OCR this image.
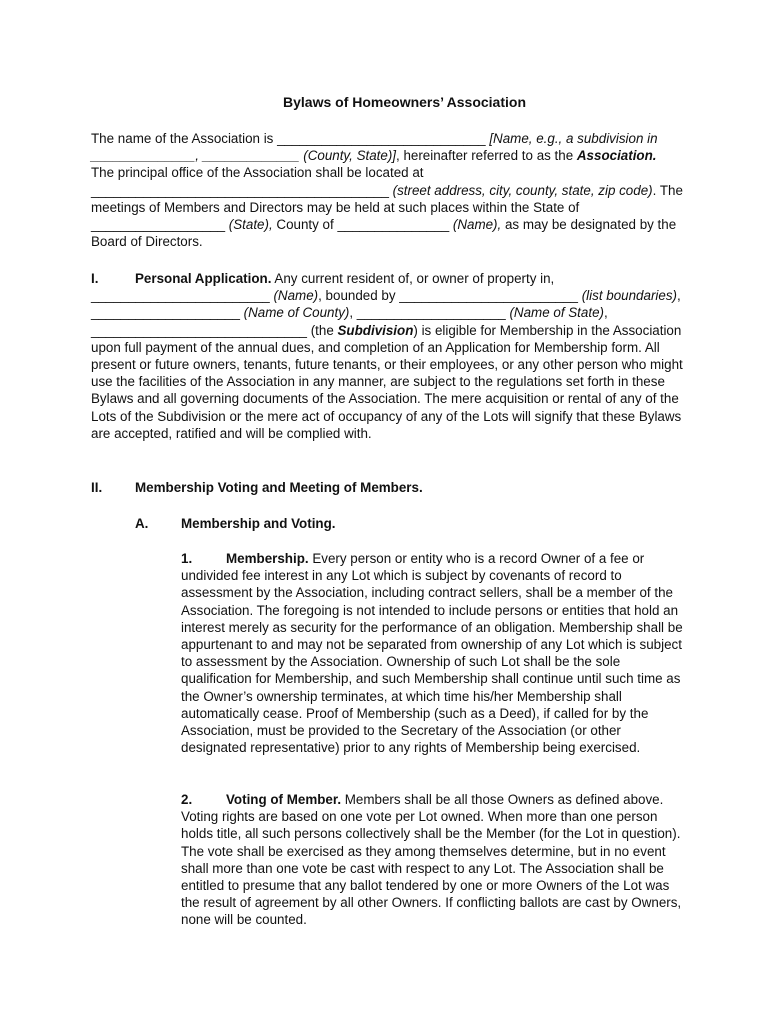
Bylaws of Homeowners’ Association

The name of the Association is ____________________________ [Name, e.g., a subdivision in ______________, _____________ (County, State)], hereinafter referred to as the Association. The principal office of the Association shall be located at ________________________________________ (street address, city, county, state, zip code). The meetings of Members and Directors may be held at such places within the State of __________________ (State), County of _______________ (Name), as may be designated by the Board of Directors.

I.	Personal Application. Any current resident of, or owner of property in, ________________________ (Name), bounded by ________________________ (list boundaries), ____________________ (Name of County), ____________________ (Name of State), _____________________________ (the Subdivision) is eligible for Membership in the Association upon full payment of the annual dues, and completion of an Application for Membership form. All present or future owners, tenants, future tenants, or their employees, or any other person who might use the facilities of the Association in any manner, are subject to the regulations set forth in these Bylaws and all governing documents of the Association. The mere acquisition or rental of any of the Lots of the Subdivision or the mere act of occupancy of any of the Lots will signify that these Bylaws are accepted, ratified and will be complied with.

II. Membership Voting and Meeting of Members.
A. Membership and Voting.
1.	Membership. Every person or entity who is a record Owner of a fee or undivided fee interest in any Lot which is subject by covenants of record to assessment by the Association, including contract sellers, shall be a member of the Association. The foregoing is not intended to include persons or entities that hold an interest merely as security for the performance of an obligation. Membership shall be appurtenant to and may not be separated from ownership of any Lot which is subject to assessment by the Association. Ownership of such Lot shall be the sole qualification for Membership, and such Membership shall continue until such time as the Owner’s ownership terminates, at which time his/her Membership shall automatically cease. Proof of Membership (such as a Deed), if called for by the Association, must be provided to the Secretary of the Association (or other designated representative) prior to any rights of Membership being exercised.

2.	Voting of Member. Members shall be all those Owners as defined above. Voting rights are based on one vote per Lot owned. When more than one person holds title, all such persons collectively shall be the Member (for the Lot in question). The vote shall be exercised as they among themselves determine, but in no event shall more than one vote be cast with respect to any Lot. The Association shall be entitled to presume that any ballot tendered by one or more Owners of the Lot was the result of agreement by all other Owners. If conflicting ballots are cast by Owners, none will be counted.
